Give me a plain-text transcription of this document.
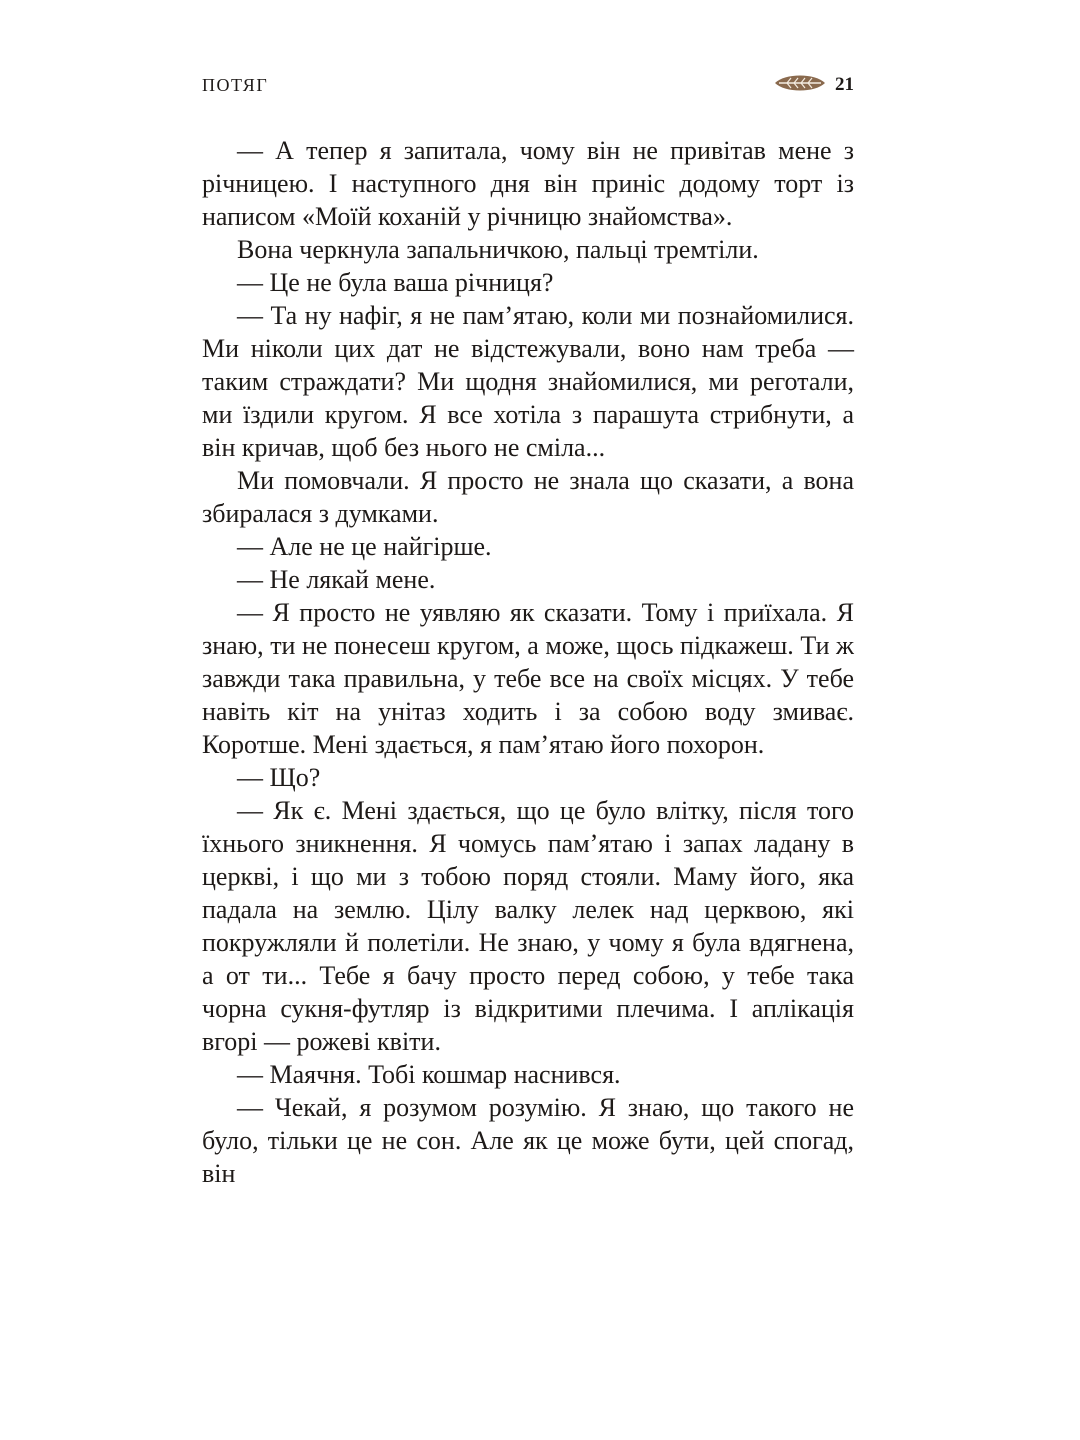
ПОТЯГ	21

— А тепер я запитала, чому він не привітав мене з річницею. І наступного дня він приніс додому торт із написом «Моїй коханій у річницю знайомства».

Вона черкнула запальничкою, пальці тремтіли.

— Це не була ваша річниця?

— Та ну нафіг, я не пам’ятаю, коли ми познайомилися. Ми ніколи цих дат не відстежували, воно нам треба — таким страждати? Ми щодня знайомилися, ми реготали, ми їздили кругом. Я все хотіла з парашута стрибнути, а він кричав, щоб без нього не сміла...

Ми помовчали. Я просто не знала що сказати, а вона збиралася з думками.

— Але не це найгірше.

— Не лякай мене.

— Я просто не уявляю як сказати. Тому і приїхала. Я знаю, ти не понесеш кругом, а може, щось підкажеш. Ти ж завжди така правильна, у тебе все на своїх місцях. У тебе навіть кіт на унітаз ходить і за собою воду змиває. Коротше. Мені здається, я пам’ятаю його похорон.

— Що?

— Як є. Мені здається, що це було влітку, після того їхнього зникнення. Я чомусь пам’ятаю і запах ладану в церкві, і що ми з тобою поряд стояли. Маму його, яка падала на землю. Цілу валку лелек над церквою, які покружляли й полетіли. Не знаю, у чому я була вдягнена, а от ти... Тебе я бачу просто перед собою, у тебе така чорна сукня-футляр із відкритими плечима. І аплікація вгорі — рожеві квіти.

— Маячня. Тобі кошмар наснився.

— Чекай, я розумом розумію. Я знаю, що такого не було, тільки це не сон. Але як це може бути, цей спогад, він
